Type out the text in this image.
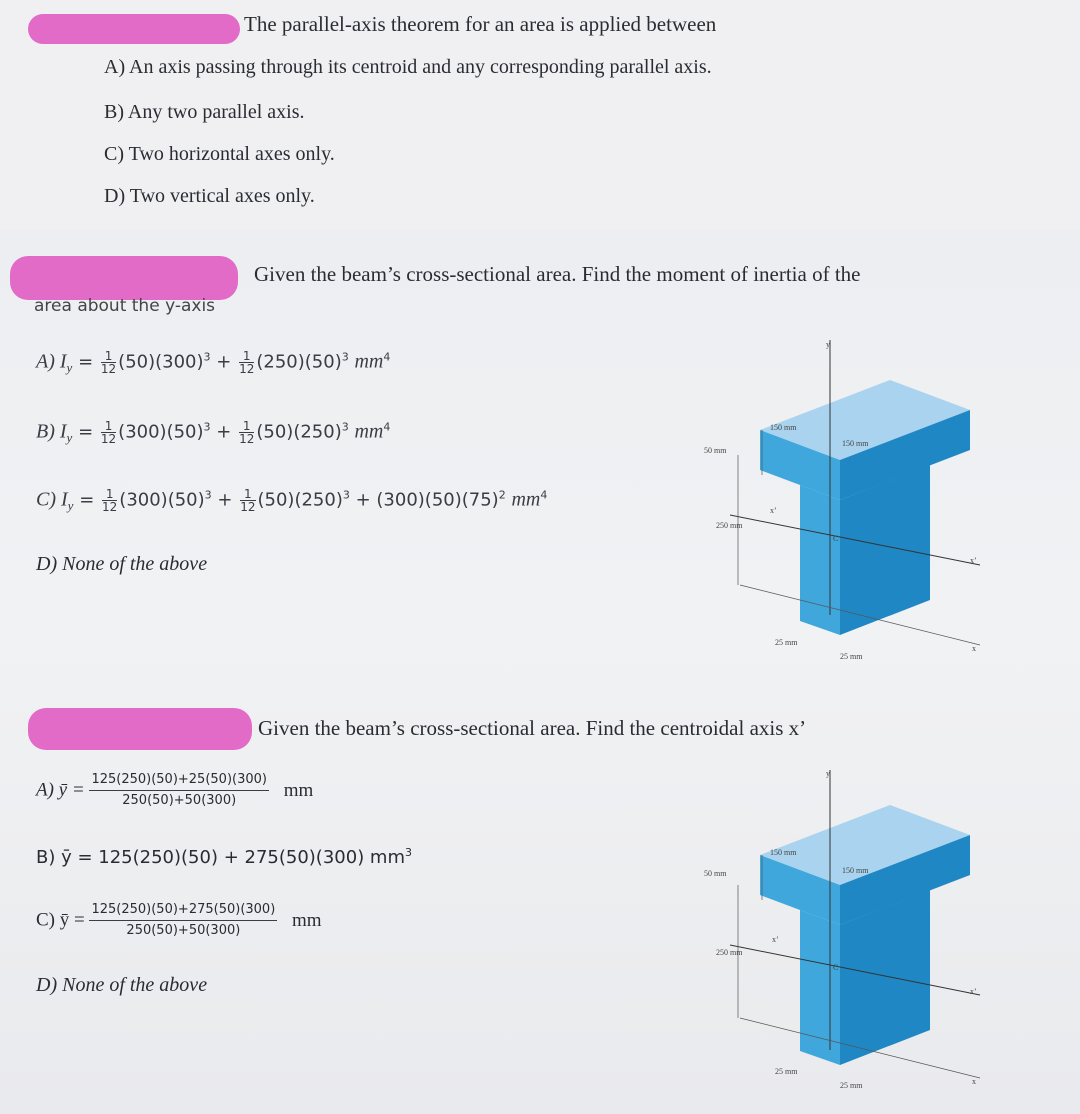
The parallel-axis theorem for an area is applied between
A) An axis passing through its centroid and any corresponding parallel axis.
B) Any two parallel axis.
C) Two horizontal axes only.
D) Two vertical axes only.
Given the beam’s cross-sectional area. Find the moment of inertia of the
area about the y-axis
A) $I_y = \frac{1}{12} (50)(300)^3 + \frac{1}{12} (250)(50)^3$ $mm^4$
B) $I_y = \frac{1}{12} (300)(50)^3 + \frac{1}{12} (50)(250)^3$ $mm^4$
C) $I_y = \frac{1}{12} (300)(50)^3 + \frac{1}{12} (50)(250)^3 + (300)(50)(75)^2$ $mm^4$
D) None of the above
Given the beam’s cross-sectional area. Find the centroidal axis x’
A) ȳ = $\frac{125(250)(50)+25(50)(300)}{250(50)+50(300)}$ mm
B) ȳ = 125(250)(50) + 275(50)(300) $mm^3$
C) ȳ = $\frac{125(250)(50)+275(50)(300)}{250(50)+50(300)}$ mm
D) None of the above
y
150 mm
150 mm
50 mm
250 mm
x’
C
x’
25 mm
25 mm
x
y
150 mm
150 mm
50 mm
250 mm
x’
C
x’
25 mm
25 mm	x
